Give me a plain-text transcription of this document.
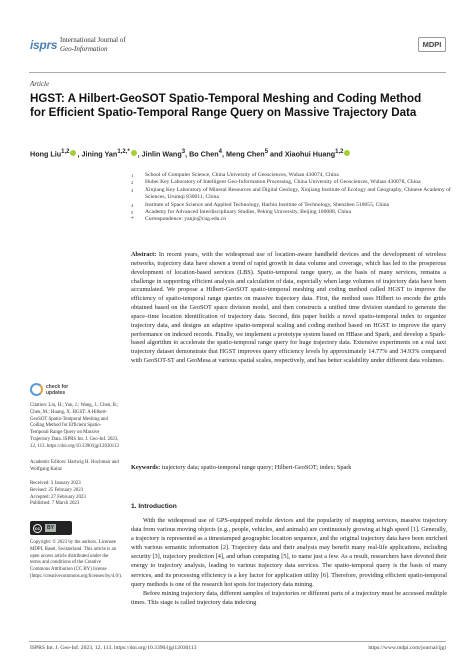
isprs International Journal of
Geo-Information	MDPI
Article
HGST: A Hilbert-GeoSOT Spatio-Temporal Meshing and Coding Method for Efficient Spatio-Temporal Range Query on Massive Trajectory Data
Hong Liu$^{1,2}$ , Jining Yan$^{1,2,*}$ , Jinlin Wang$^3$, Bo Chen$^4$, Meng Chen$^5$ and Xiaohui Huang$^{1,2}$
1	School of Computer Science, China University of Geosciences, Wuhan 430074, China
2	Hubei Key Laboratory of Intelligent Geo-Information Processing, China University of Geosciences, Wuhan 430078, China
3	Xinjiang Key Laboratory of Mineral Resources and Digital Geology, Xinjiang Institute of Ecology and Geography, Chinese Academy of Sciences, Urumqi 830011, China
4	Institute of Space Science and Applied Technology, Harbin Institute of Technology, Shenzhen 518055, China
5	Academy for Advanced Interdisciplinary Studies, Peking University, Beijing 100088, China
*	Correspondence: yanjn@cug.edu.cn
Abstract: In recent years, with the widespread use of location-aware handheld devices and the development of wireless networks, trajectory data have shown a trend of rapid growth in data volume and coverage, which has led to the prosperous development of location-based services (LBS). Spatio-temporal range query, as the basis of many services, remains a challenge in supporting efficient analysis and calculation of data, especially when large volumes of trajectory data have been accumulated. We propose a Hilbert-GeoSOT spatio-temporal meshing and coding method called HGST to improve the efficiency of spatio-temporal range queries on massive trajectory data. First, the method uses Hilbert to encode the grids obtained based on the GeoSOT space division model, and then constructs a unified time division standard to generate the space–time location identification of trajectory data. Second, this paper builds a novel spatio-temporal index to organize trajectory data, and designs an adaptive spatio-temporal scaling and coding method based on HGST to improve the query performance on indexed records. Finally, we implement a prototype system based on HBase and Spark, and develop a Spark-based algorithm to accelerate the spatio-temporal range query for huge trajectory data. Extensive experiments on a real taxi trajectory dataset demonstrate that HGST improves query efficiency levels by approximately 14.77% and 34.93% compared with GeoSOT-ST and GeoMesa at various spatial scales, respectively, and has better scalability under different data volumes.
Keywords: trajectory data; spatio-temporal range query; Hilbert-GeoSOT; index; Spark
check for
updates
Citation: Liu, H.; Yan, J.; Wang, J.; Chen, B.; Chen, M.; Huang, X. HGST: A Hilbert-GeoSOT Spatio-Temporal Meshing and Coding Method for Efficient Spatio-Temporal Range Query on Massive Trajectory Data. ISPRS Int. J. Geo-Inf. 2023, 12, 113. https://doi.org/10.3390/ijgi12030113
Academic Editors: Hartwig H. Hochmair and Wolfgang Kainz
Received: 3 January 2023
Revised: 25 February 2023
Accepted: 27 February 2023
Published: 7 March 2023
cc	BY
Copyright: © 2023 by the authors. Licensee MDPI, Basel, Switzerland. This article is an open access article distributed under the terms and conditions of the Creative Commons Attribution (CC BY) license (https://creativecommons.org/licenses/by/4.0/).
1. Introduction

With the widespread use of GPS-equipped mobile devices and the popularity of mapping services, massive trajectory data from various moving objects (e.g., people, vehicles, and animals) are continuously growing at high speed [1]. Generally, a trajectory is represented as a timestamped geographic location sequence, and the original trajectory data have been enriched with various semantic information [2]. Trajectory data and their analysis may benefit many real-life applications, including security [3], trajectory prediction [4], and urban computing [5], to name just a few. As a result, researchers have devoted their energy to trajectory analysis, leading to various trajectory data services. The spatio-temporal query is the basis of many services, and its processing efficiency is a key factor for application utility [6]. Therefore, providing efficient spatio-temporal query methods is one of the research hot spots for trajectory data mining.

Before mining trajectory data, different samples of trajectories or different parts of a trajectory must be accessed multiple times. This stage is called trajectory data indexing

ISPRS Int. J. Geo-Inf. 2023, 12, 113. https://doi.org/10.3390/ijgi12030113	https://www.mdpi.com/journal/ijgi
